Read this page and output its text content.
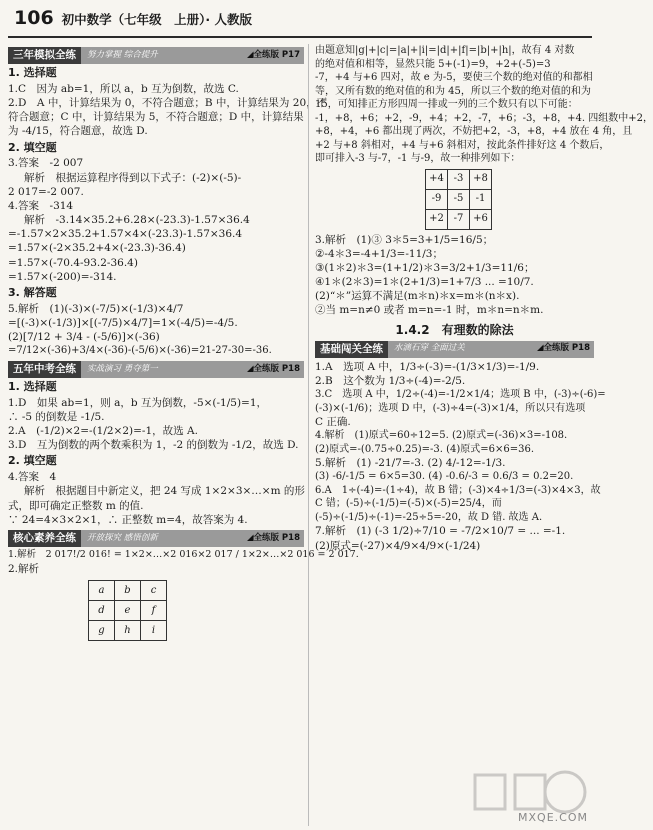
106 初中数学（七年级　上册）· 人教版
三年模拟全练	努力掌握 综合提升	◢全练版 P17
1. 选择题
1.C　因为 ab=1，所以 a，b 互为倒数，故选 C.
2.D　A 中，计算结果为 0，不符合题意；B 中，计算结果为 20，不
符合题意；C 中，计算结果为 5，不符合题意；D 中，计算结果
为 -4/15，符合题意，故选 D.
2. 填空题
3.答案　-2 007
解析　根据运算程序得到以下式子：(-2)×(-5)-
2 017=-2 007.
4.答案　-314
解析　-3.14×35.2+6.28×(-23.3)-1.57×36.4
=-1.57×2×35.2+1.57×4×(-23.3)-1.57×36.4
=1.57×(-2×35.2+4×(-23.3)-36.4)
=1.57×(-70.4-93.2-36.4)
=1.57×(-200)=-314.
3. 解答题
5.解析　(1)(-3)×(-7/5)×(-1/3)×4/7
=[(-3)×(-1/3)]×[(-7/5)×4/7]=1×(-4/5)=-4/5.
(2)[7/12 + 3/4 - (-5/6)]×(-36)
=7/12×(-36)+3/4×(-36)-(-5/6)×(-36)=21-27-30=-36.
五年中考全练	实战演习 勇夺第一	◢全练版 P18
1. 选择题
1.D　如果 ab=1，则 a，b 互为倒数，-5×(-1/5)=1，
∴ -5 的倒数是 -1/5.
2.A　(-1/2)×2=-(1/2×2)=-1，故选 A.
3.D　互为倒数的两个数乘积为 1，-2 的倒数为 -1/2，故选 D.
2. 填空题
4.答案　4
解析　根据题目中新定义，把 24 写成 1×2×3×…×m 的形
式，即可确定正整数 m 的值.
∵ 24=4×3×2×1，∴ 正整数 m=4，故答案为 4.
核心素养全练	开放探究 感悟创新	◢全练版 P18
1.解析　2 017!/2 016! = 1×2×…×2 016×2 017 / 1×2×…×2 016 = 2 017.
2.解析
a	b	c
d	e	f
g	h	i
由题意知|g|+|c|=|a|+|i|=|d|+|f|=|b|+|h|，故有 4 对数
的绝对值和相等，显然只能 5+(-1)=9，+2+(-5)=3
-7，+4 与+6 四对，故 e 为-5，要使三个数的绝对值的和都相
等，又所有数的绝对值的和为 45，所以三个数的绝对值的和为
15，可知排正方形四周一排或一列的三个数只有以下可能：
-1，+8，+6；+2，-9，+4；+2，-7，+6；-3，+8，+4. 四组数中+2，
+8，+4，+6 都出现了两次，不妨把+2，-3，+8，+4 放在 4 角，且
+2 与+8 斜相对，+4 与+6 斜相对，按此条件排好这 4 个数后，
即可排入-3 与-7，-1 与-9，故一种排列如下：
+4	-3	+8
-9	-5	-1
+2	-7	+6
3.解析　(1)③ 3＊5=3+1/5=16/5；
②-4＊3=-4+1/3=-11/3；
③(1＊2)＊3=(1+1/2)＊3=3/2+1/3=11/6；
④1＊(2＊3)=1＊(2+1/3)=1+7/3 ... =10/7.
(2)“＊”运算不满足(m＊n)＊x=m＊(n＊x).
②当 m=n≠0 或者 m=n=-1 时，m＊n=n＊m.
1.4.2　有理数的除法
基础闯关全练	水滴石穿 全面过关	◢全练版 P18
1.A　选项 A 中，1/3÷(-3)=-(1/3×1/3)=-1/9.
2.B　这个数为 1/3÷(-4)=-2/5.
3.C　选项 A 中，1/2÷(-4)=-1/2×1/4；选项 B 中，(-3)÷(-6)=
(-3)×(-1/6)；选项 D 中，(-3)÷4=(-3)×1/4，所以只有选项
C 正确.
4.解析　(1)原式=60÷12=5. (2)原式=(-36)×3=-108.
(2)原式=-(0.75÷0.25)=-3. (4)原式=6×6=36.
5.解析　(1) -21/7=-3. (2) 4/-12=-1/3.
(3) -6/-1/5 = 6×5=30. (4) -0.6/-3 = 0.6/3 = 0.2=20.
6.A　1÷(-4)=-(1÷4)，故 B 错；(-3)×4÷1/3=(-3)×4×3，故
C 错；(-5)÷(-1/5)=(-5)×(-5)=25/4，而
(-5)÷(-1/5)÷(-1)=-25÷5=-20，故 D 错. 故选 A.
7.解析　(1) (-3 1/2)÷7/10 = -7/2×10/7 = ... =-1.
(2)原式=(-27)×4/9×4/9×(-1/24)
MXQE.COM
